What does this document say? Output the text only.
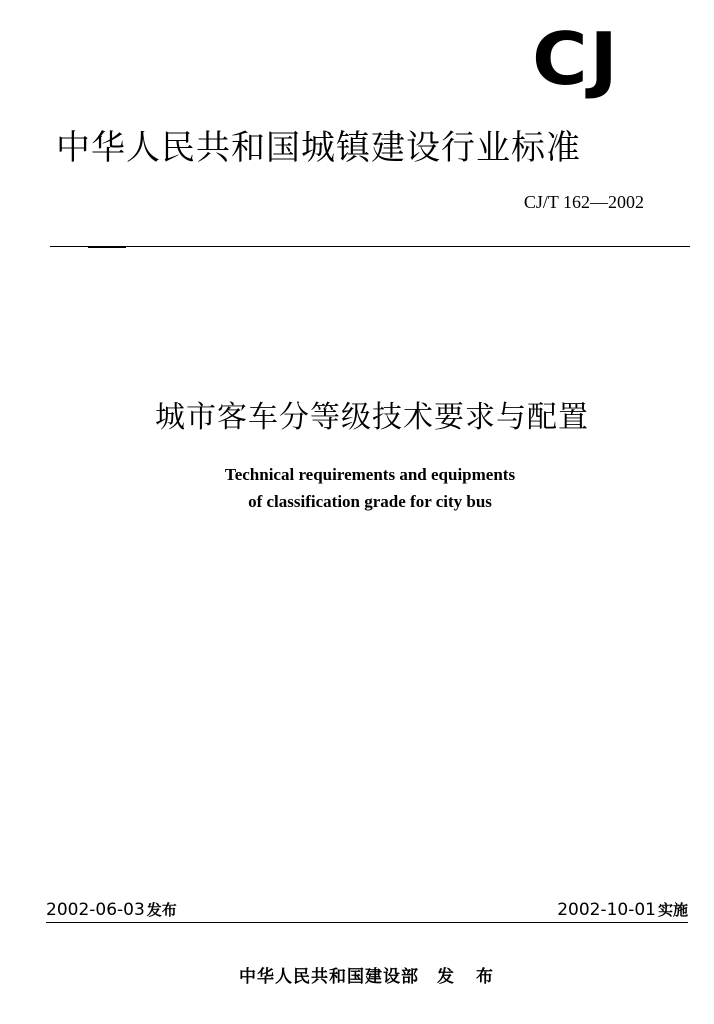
CJ
中华人民共和国城镇建设行业标准
CJ/T 162—2002
城市客车分等级技术要求与配置
Technical requirements and equipments
of classification grade for city bus
2002-06-03 发布	2002-10-01 实施
中华人民共和国建设部 发 布
